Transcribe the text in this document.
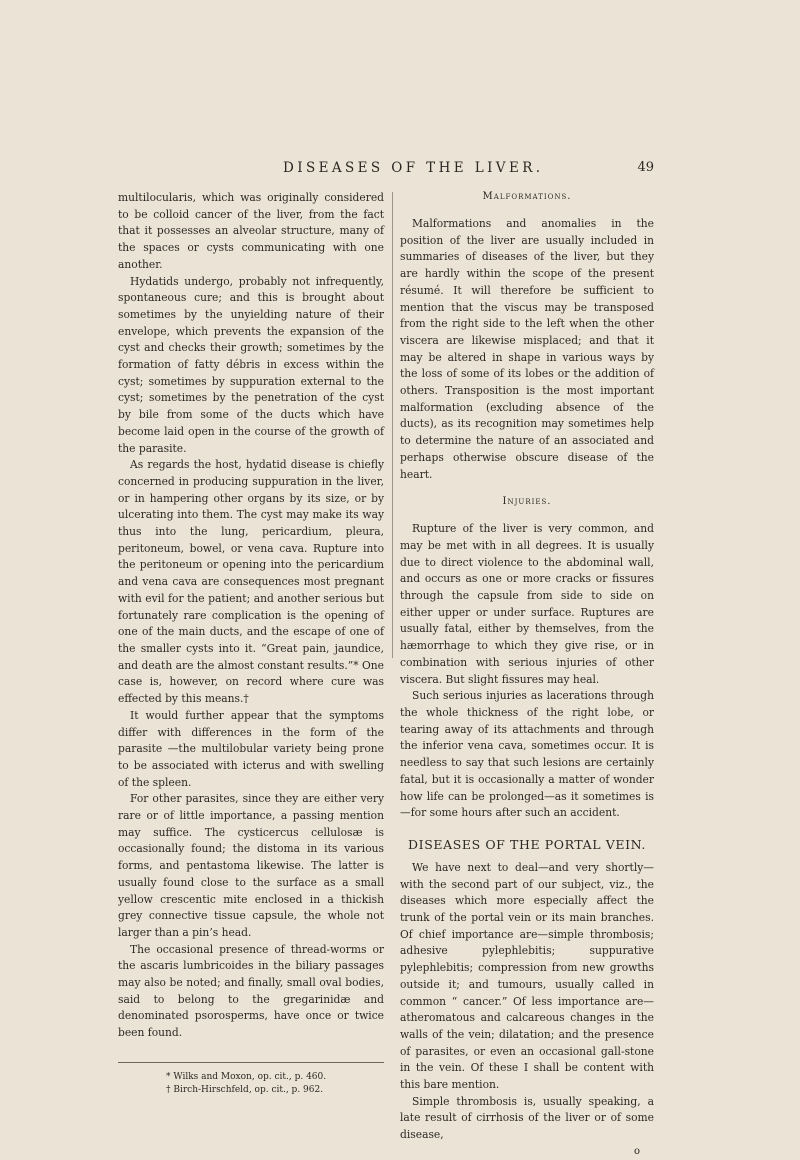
DISEASES OF THE LIVER.	49

multilocularis, which was originally considered to be colloid cancer of the liver, from the fact that it possesses an alveolar structure, many of the spaces or cysts communicating with one another.

Hydatids undergo, probably not infrequently, spontaneous cure; and this is brought about sometimes by the unyielding nature of their envelope, which prevents the expansion of the cyst and checks their growth; sometimes by the formation of fatty débris in excess within the cyst; sometimes by suppuration external to the cyst; sometimes by the penetration of the cyst by bile from some of the ducts which have become laid open in the course of the growth of the parasite.

As regards the host, hydatid disease is chiefly concerned in producing suppuration in the liver, or in hampering other organs by its size, or by ulcerating into them. The cyst may make its way thus into the lung, pericardium, pleura, peritoneum, bowel, or vena cava. Rupture into the peritoneum or opening into the pericardium and vena cava are consequences most pregnant with evil for the patient; and another serious but fortunately rare complication is the opening of one of the main ducts, and the escape of one of the smaller cysts into it. “Great pain, jaundice, and death are the almost constant results.”* One case is, however, on record where cure was effected by this means.†

It would further appear that the symptoms differ with differences in the form of the parasite —the multilobular variety being prone to be associated with icterus and with swelling of the spleen.

For other parasites, since they are either very rare or of little importance, a passing mention may suffice. The cysticercus cellulosæ is occasionally found; the distoma in its various forms, and pentastoma likewise. The latter is usually found close to the surface as a small yellow crescentic mite enclosed in a thickish grey connective tissue capsule, the whole not larger than a pin’s head.

The occasional presence of thread-worms or the ascaris lumbricoides in the biliary passages may also be noted; and finally, small oval bodies, said to belong to the gregarinidæ and denominated psorosperms, have once or twice been found.

* Wilks and Moxon, op. cit., p. 460.

† Birch-Hirschfeld, op. cit., p. 962.

Malformations.

Malformations and anomalies in the position of the liver are usually included in summaries of diseases of the liver, but they are hardly within the scope of the present résumé. It will therefore be sufficient to mention that the viscus may be transposed from the right side to the left when the other viscera are likewise misplaced; and that it may be altered in shape in various ways by the loss of some of its lobes or the addition of others. Transposition is the most important malformation (excluding absence of the ducts), as its recognition may sometimes help to determine the nature of an associated and perhaps otherwise obscure disease of the heart.

Injuries.

Rupture of the liver is very common, and may be met with in all degrees. It is usually due to direct violence to the abdominal wall, and occurs as one or more cracks or fissures through the capsule from side to side on either upper or under surface. Ruptures are usually fatal, either by themselves, from the hæmorrhage to which they give rise, or in combination with serious injuries of other viscera. But slight fissures may heal.

Such serious injuries as lacerations through the whole thickness of the right lobe, or tearing away of its attachments and through the inferior vena cava, sometimes occur. It is needless to say that such lesions are certainly fatal, but it is occasionally a matter of wonder how life can be prolonged—as it sometimes is—for some hours after such an accident.

DISEASES OF THE PORTAL VEIN.

We have next to deal—and very shortly—with the second part of our subject, viz., the diseases which more especially affect the trunk of the portal vein or its main branches. Of chief importance are—simple thrombosis; adhesive pylephlebitis; suppurative pylephlebitis; compression from new growths outside it; and tumours, usually called in common “ cancer.” Of less importance are—atheromatous and calcareous changes in the walls of the vein; dilatation; and the presence of parasites, or even an occasional gall-stone in the vein. Of these I shall be content with this bare mention.

Simple thrombosis is, usually speaking, a late result of cirrhosis of the liver or of some disease,

o
